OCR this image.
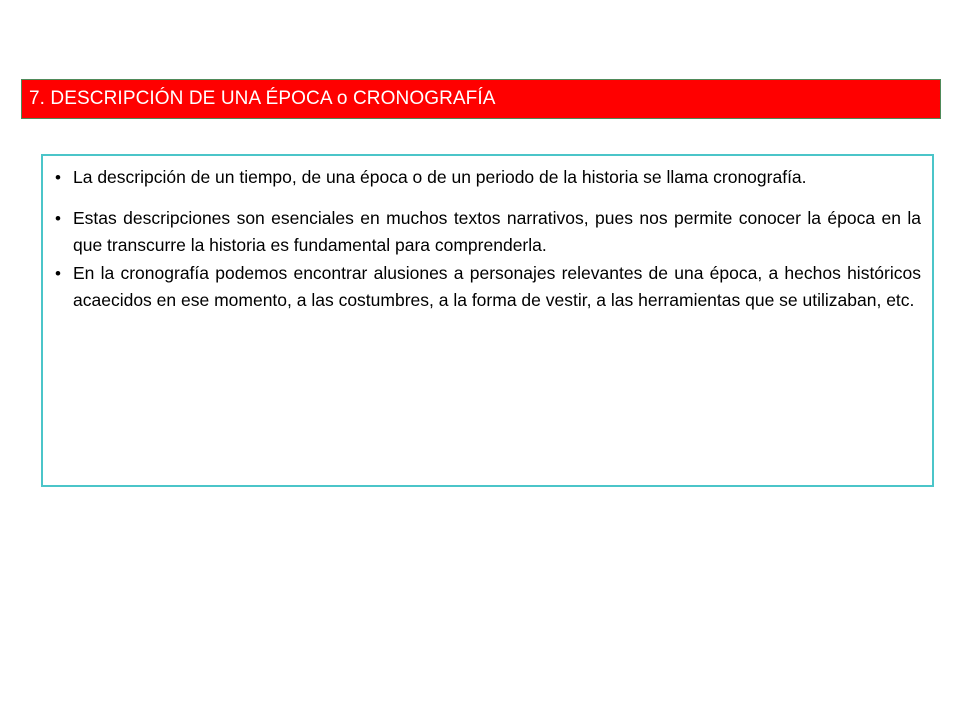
7. DESCRIPCIÓN DE UNA ÉPOCA o CRONOGRAFÍA
• La descripción de un tiempo, de una época o de un periodo de la historia se llama cronografía.
• Estas descripciones son esenciales en muchos textos narrativos, pues nos permite conocer la época en la que transcurre la historia es fundamental para comprenderla.
• En la cronografía podemos encontrar alusiones a personajes relevantes de una época, a hechos históricos acaecidos en ese momento, a las costumbres, a la forma de vestir, a las herramientas que se utilizaban, etc.
